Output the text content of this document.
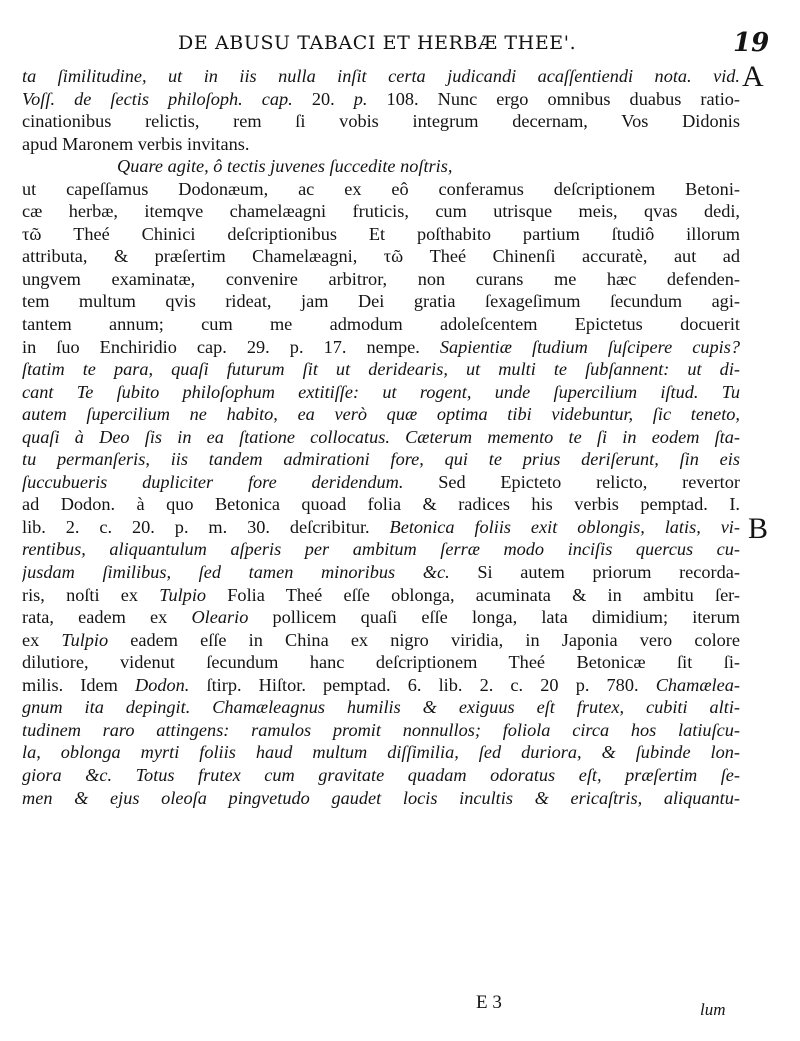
DE ABUSU TABACI ET HERBÆ THEE'.	19
A
B
ta ſimilitudine, ut in iis nulla inſit certa judicandi acaſſentiendi nota. vid.
Voſſ. de ſectis philoſoph. cap. 20. p. 108. Nunc ergo omnibus duabus ratio-
cinationibus relictis, rem ſi vobis integrum decernam, Vos Didonis
apud Maronem verbis invitans.
Quare agite, ô tectis juvenes ſuccedite noſtris,
ut capeſſamus Dodonæum, ac ex eô conferamus deſcriptionem Betoni-
cæ herbæ, itemqve chamelæagni fruticis, cum utrisque meis, qvas dedi,
τῶ Theé Chinici deſcriptionibus Et poſthabito partium ſtudiô illorum
attributa, & præſertim Chamelæagni, τῶ Theé Chinenſi accuratè, aut ad
ungvem examinatæ, convenire arbitror, non curans me hæc defenden-
tem multum qvis rideat, jam Dei gratia ſexageſimum ſecundum agi-
tantem annum; cum me admodum adoleſcentem Epictetus docuerit
in ſuo Enchiridio cap. 29. p. 17. nempe. Sapientiæ ſtudium ſuſcipere cupis?
ſtatim te para, quaſi futurum ſit ut deridearis, ut multi te ſubſannent: ut di-
cant Te ſubito philoſophum extitiſſe: ut rogent, unde ſupercilium iſtud. Tu
autem ſupercilium ne habito, ea verò quæ optima tibi videbuntur, ſic teneto,
quaſi à Deo ſis in ea ſtatione collocatus. Cæterum memento te ſi in eodem ſta-
tu permanſeris, iis tandem admirationi fore, qui te prius deriſerunt, ſin eis
ſuccubueris dupliciter fore deridendum. Sed Epicteto relicto, revertor
ad Dodon. à quo Betonica quoad folia & radices his verbis pemptad. I.
lib. 2. c. 20. p. m. 30. deſcribitur. Betonica foliis exit oblongis, latis, vi-
rentibus, aliquantulum aſperis per ambitum ſerræ modo inciſis quercus cu-
jusdam ſimilibus, ſed tamen minoribus &c. Si autem priorum recorda-
ris, noſti ex Tulpio Folia Theé eſſe oblonga, acuminata & in ambitu ſer-
rata, eadem ex Oleario pollicem quaſi eſſe longa, lata dimidium; iterum
ex Tulpio eadem eſſe in China ex nigro viridia, in Japonia vero colore
dilutiore, videnut ſecundum hanc deſcriptionem Theé Betonicæ ſit ſi-
milis. Idem Dodon. ſtirp. Hiſtor. pemptad. 6. lib. 2. c. 20 p. 780. Chamælea-
gnum ita depingit. Chamæleagnus humilis & exiguus eſt frutex, cubiti alti-
tudinem raro attingens: ramulos promit nonnullos; foliola circa hos latiuſcu-
la, oblonga myrti foliis haud multum diſſimilia, ſed duriora, & ſubinde lon-
giora &c. Totus frutex cum gravitate quadam odoratus eſt, præſertim ſe-
men & ejus oleoſa pingvetudo gaudet locis incultis & ericaſtris, aliquantu-
E 3	lum
